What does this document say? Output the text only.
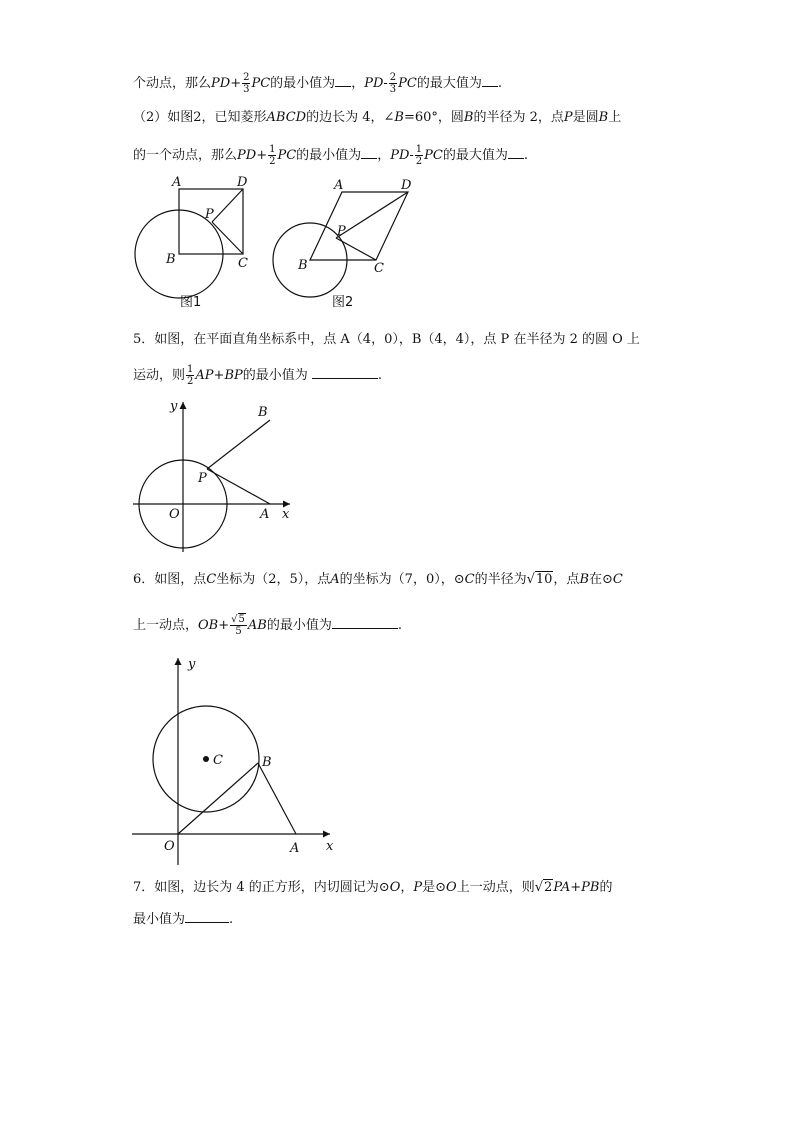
个动点，那么$PD+ \frac{2}{3}$ PC的最小值为 ，$PD- \frac{2}{3}$ PC的最大值为 .
（2）如图2，已知菱形ABCD的边长为 4，∠B=60°，圆B的半径为 2，点P是圆B上
的一个动点，那么$PD+ \frac{1}{2}$ PC的最小值为 ，$PD- \frac{1}{2}$ PC的最大值为 .
A	D
P
B	C
图1
A	D
P
B	C
图2
5．如图，在平面直角坐标系中，点 A（4，0），B（4，4），点 P 在半径为 2 的圆 O 上
运动，则 $\frac{1}{2} AP+BP$的最小值为	.
y
x
O	A
B
P
6．如图，点C坐标为（2，5），点A的坐标为（7，0），⊙C的半径为√10，点B在⊙C
上一动点，$OB+ \frac{√5}{5}$ AB的最小值为	.
y
x
O	A
B
C
7．如图，边长为 4 的正方形，内切圆记为⊙O，P是⊙O上一动点，则√2PA+PB的
最小值为	.
